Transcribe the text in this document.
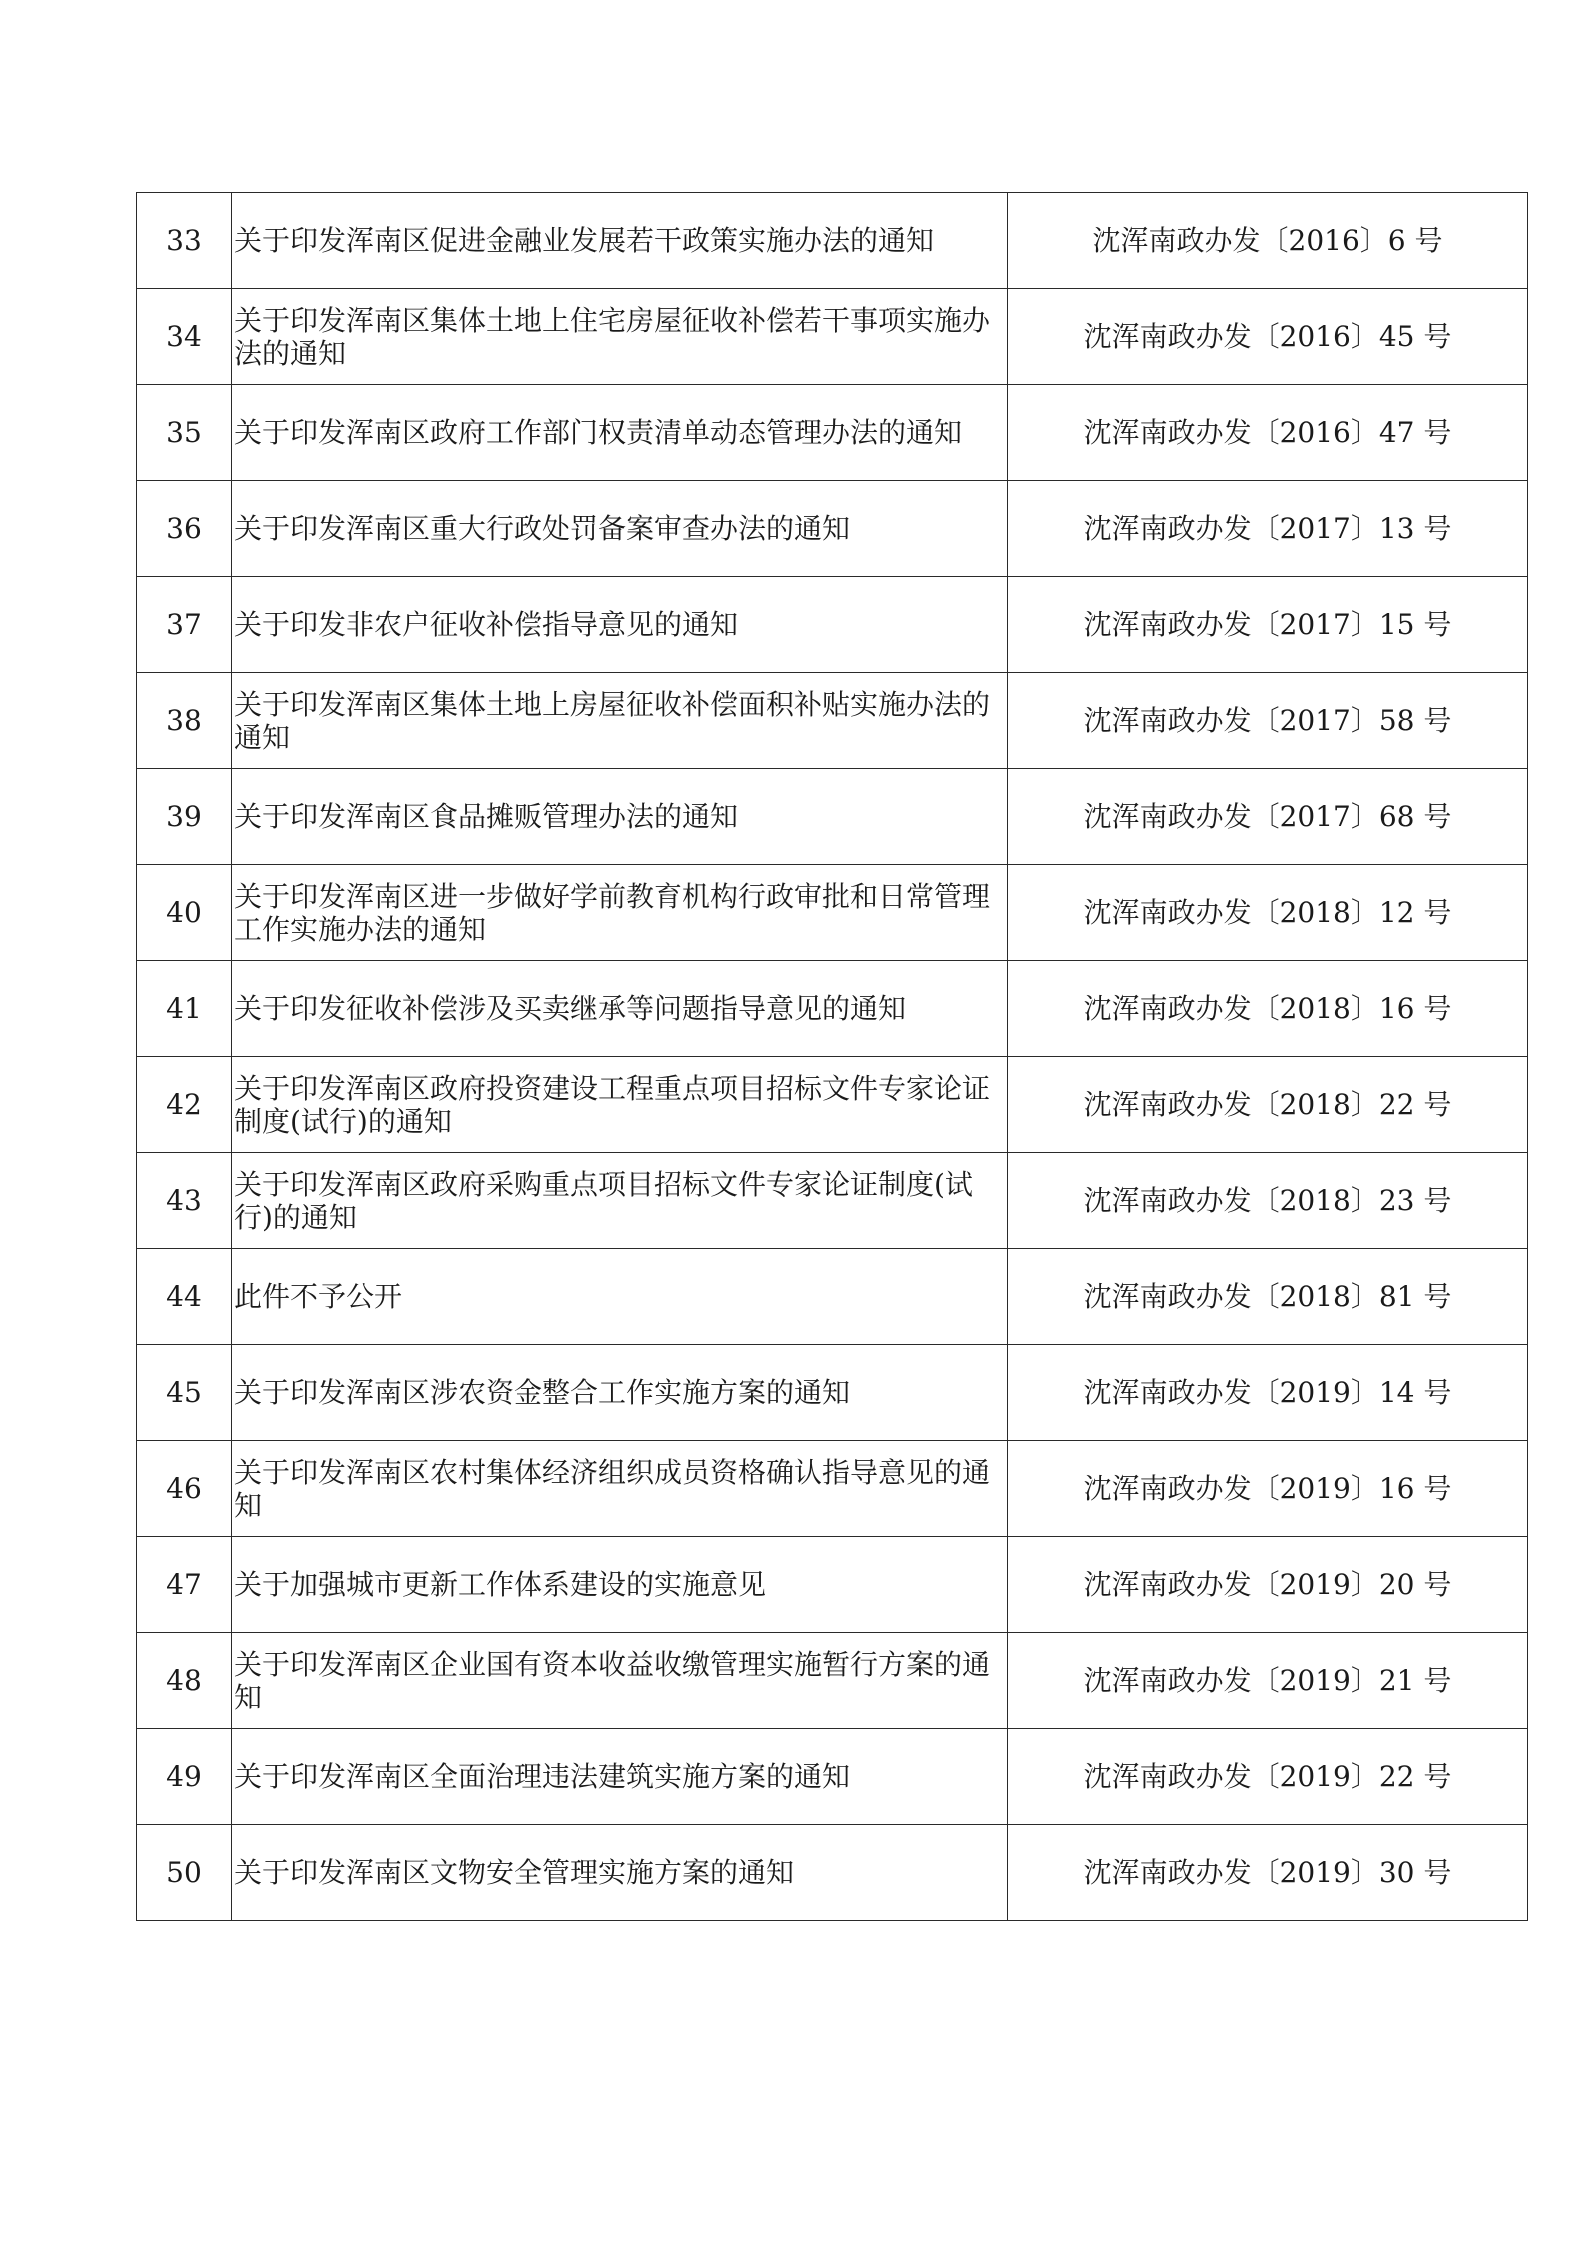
33	关于印发浑南区促进金融业发展若干政策实施办法的通知	沈浑南政办发〔2016〕6 号
34	关于印发浑南区集体土地上住宅房屋征收补偿若干事项实施办法的通知	沈浑南政办发〔2016〕45 号
35	关于印发浑南区政府工作部门权责清单动态管理办法的通知	沈浑南政办发〔2016〕47 号
36	关于印发浑南区重大行政处罚备案审查办法的通知	沈浑南政办发〔2017〕13 号
37	关于印发非农户征收补偿指导意见的通知	沈浑南政办发〔2017〕15 号
38	关于印发浑南区集体土地上房屋征收补偿面积补贴实施办法的通知	沈浑南政办发〔2017〕58 号
39	关于印发浑南区食品摊贩管理办法的通知	沈浑南政办发〔2017〕68 号
40	关于印发浑南区进一步做好学前教育机构行政审批和日常管理工作实施办法的通知	沈浑南政办发〔2018〕12 号
41	关于印发征收补偿涉及买卖继承等问题指导意见的通知	沈浑南政办发〔2018〕16 号
42	关于印发浑南区政府投资建设工程重点项目招标文件专家论证制度(试行)的通知	沈浑南政办发〔2018〕22 号
43	关于印发浑南区政府采购重点项目招标文件专家论证制度(试行)的通知	沈浑南政办发〔2018〕23 号
44	此件不予公开	沈浑南政办发〔2018〕81 号
45	关于印发浑南区涉农资金整合工作实施方案的通知	沈浑南政办发〔2019〕14 号
46	关于印发浑南区农村集体经济组织成员资格确认指导意见的通知	沈浑南政办发〔2019〕16 号
47	关于加强城市更新工作体系建设的实施意见	沈浑南政办发〔2019〕20 号
48	关于印发浑南区企业国有资本收益收缴管理实施暂行方案的通知	沈浑南政办发〔2019〕21 号
49	关于印发浑南区全面治理违法建筑实施方案的通知	沈浑南政办发〔2019〕22 号
50	关于印发浑南区文物安全管理实施方案的通知	沈浑南政办发〔2019〕30 号
